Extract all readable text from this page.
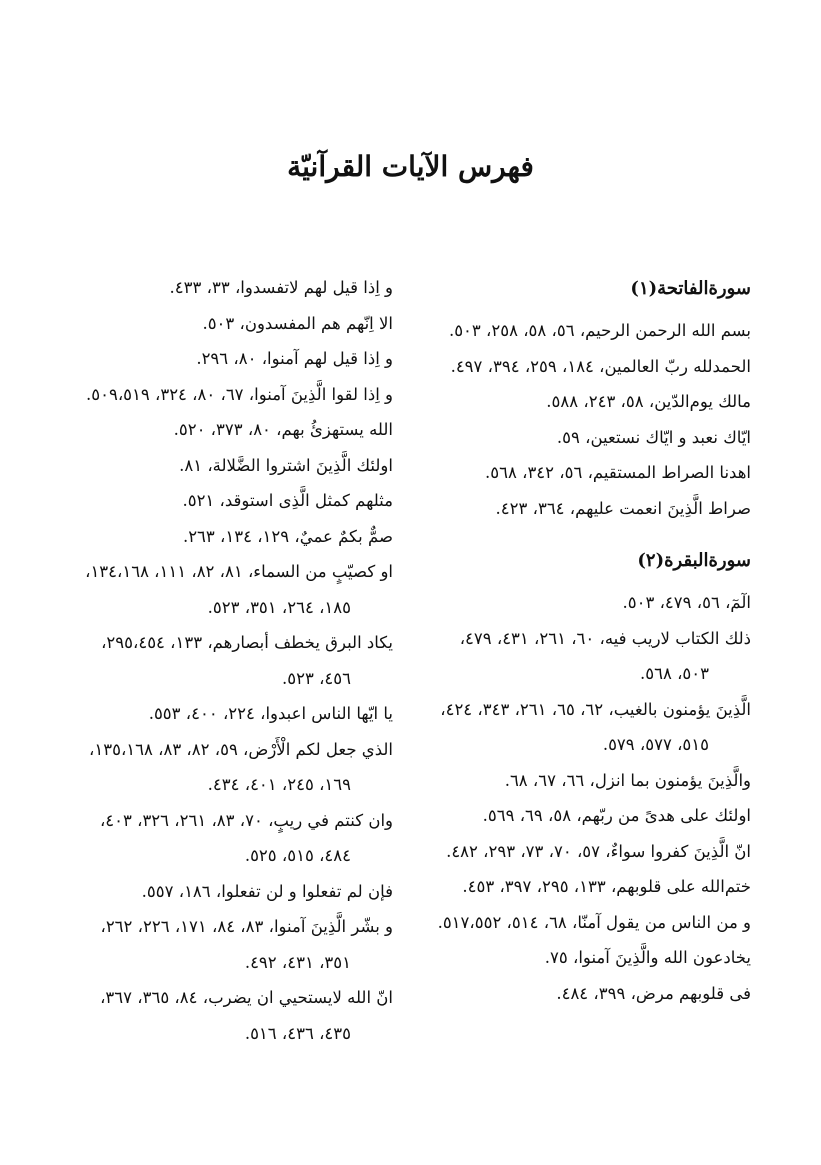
فهرس الآيات القرآنيّة
سورةالفاتحة(١)

بسم الله الرحمن الرحيم، ٥٦، ٥٨، ٢٥٨، ٥٠٣.

الحمدلله ربّ العالمين، ١٨٤، ٢٥٩، ٣٩٤، ٤٩٧.

مالك يوم‌الدّين، ٥٨، ٢٤٣، ٥٨٨.

ايّاك نعبد و ايّاك نستعين، ٥٩.

اهدنا الصراط المستقيم، ٥٦، ٣٤٢، ٥٦٨.

صراط الَّذِينَ انعمت عليهم، ٣٦٤، ٤٢٣.

سورةالبقرة(٢)

الٓمٓ، ٥٦، ٤٧٩، ٥٠٣.

ذلك الكتاب لاريب فيه، ٦٠، ٢٦١، ٤٣١، ٤٧٩،
٥٠٣، ٥٦٨.

الَّذِينَ يؤمنون بالغيب، ٦٢، ٦٥، ٢٦١، ٣٤٣، ٤٢٤،
٥١٥، ٥٧٧، ٥٧٩.

والَّذِينَ يؤمنون بما انزل، ٦٦، ٦٧، ٦٨.

اولئك على هدىً من ربّهم، ٥٨، ٦٩، ٥٦٩.

انّ الَّذِينَ كفروا سواءٌ، ٥٧، ٧٠، ٧٣، ٢٩٣، ٤٨٢.

ختم‌الله على قلوبهم، ١٣٣، ٢٩٥، ٣٩٧، ٤٥٣.

و من الناس من يقول آمنّا، ٦٨، ٥١٤، ٥١٧،٥٥٢.

يخادعون الله والَّذِينَ آمنوا، ٧٥.

فى قلوبهم مرض، ٣٩٩، ٤٨٤.

و اِذا قيل لهم لاتفسدوا، ٣٣، ٤٣٣.

الا اِنّهم هم المفسدون، ٥٠٣.

و اِذا قيل لهم آمنوا، ٨٠، ٢٩٦.

و اِذا لقوا الَّذِينَ آمنوا، ٦٧، ٨٠، ٣٢٤، ٥٠٩،٥١٩.

الله يستهزئُ بهم، ٨٠، ٣٧٣، ٥٢٠.

اولئك الَّذِينَ اشتروا الضَّلالة، ٨١.

مثلهم كمثل الَّذِى استوقد، ٥٢١.

صمٌّ بكمٌ عميٌ، ١٢٩، ١٣٤، ٢٦٣.

او كصيّبٍ من السماء، ٨١، ٨٢، ١١١، ١٣٤،١٦٨،
١٨٥، ٢٦٤، ٣٥١، ٥٢٣.

يكاد البرق يخطف أبصارهم، ١٣٣، ٢٩٥،٤٥٤،
٤٥٦، ٥٢٣.

يا ايّها الناس اعبدوا، ٢٢٤، ٤٠٠، ٥٥٣.

الذي جعل لكم الْأَرْض، ٥٩، ٨٢، ٨٣، ١٣٥،١٦٨،
١٦٩، ٢٤٥، ٤٠١، ٤٣٤.

وان كنتم في ريبٍ، ٧٠، ٨٣، ٢٦١، ٣٢٦، ٤٠٣،
٤٨٤، ٥١٥، ٥٢٥.

فإن لم تفعلوا و لن تفعلوا، ١٨٦، ٥٥٧.

و بشّر الَّذِينَ آمنوا، ٨٣، ٨٤، ١٧١، ٢٢٦، ٢٦٢،
٣٥١، ٤٣١، ٤٩٢.

انّ الله لايستحيي ان يضرب، ٨٤، ٣٦٥، ٣٦٧،
٤٣٥، ٤٣٦، ٥١٦.
